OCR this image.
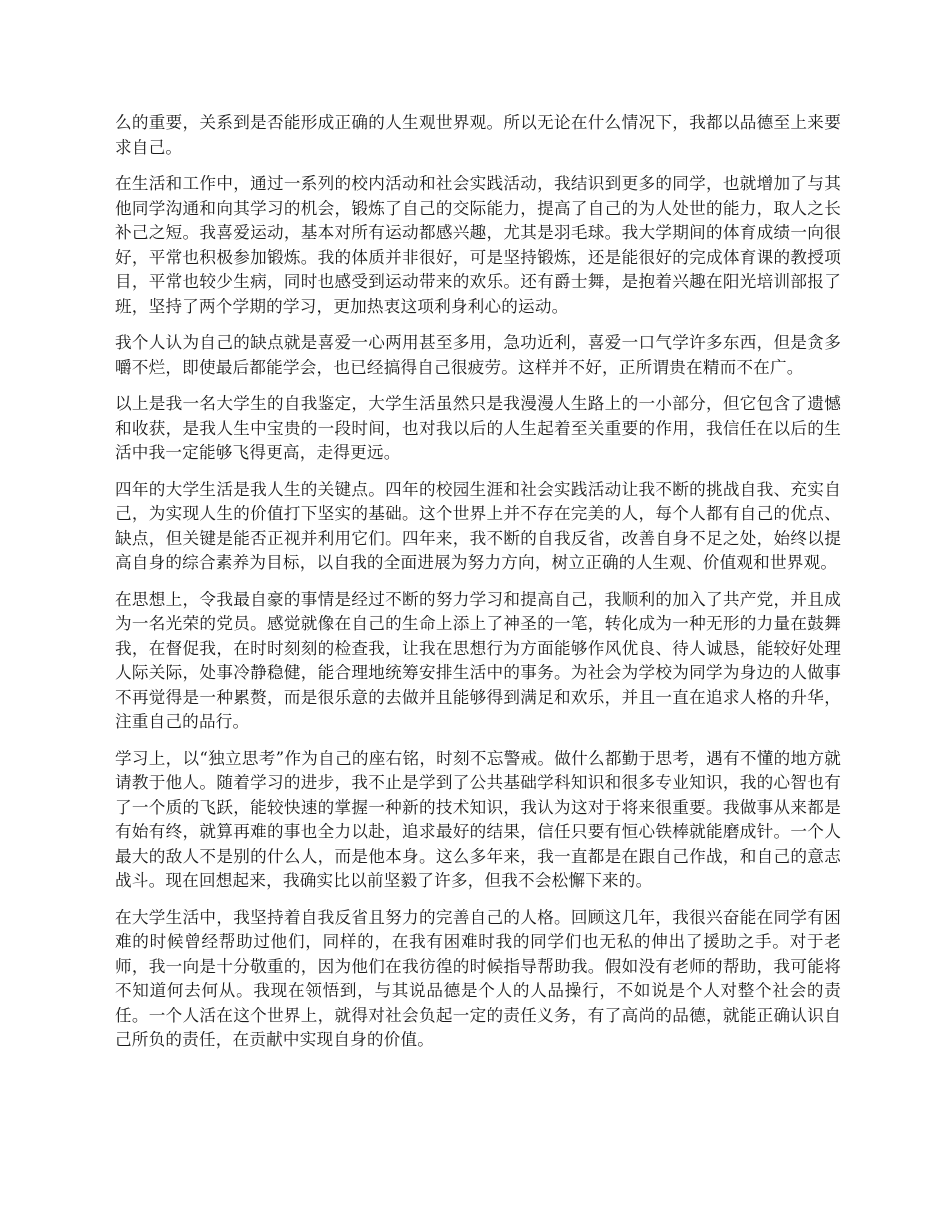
么的重要，关系到是否能形成正确的人生观世界观。所以无论在什么情况下，我都以品德至上来要求自己。

在生活和工作中，通过一系列的校内活动和社会实践活动，我结识到更多的同学，也就增加了与其他同学沟通和向其学习的机会，锻炼了自己的交际能力，提高了自己的为人处世的能力，取人之长补己之短。我喜爱运动，基本对所有运动都感兴趣，尤其是羽毛球。我大学期间的体育成绩一向很好，平常也积极参加锻炼。我的体质并非很好，可是坚持锻炼，还是能很好的完成体育课的教授项目，平常也较少生病，同时也感受到运动带来的欢乐。还有爵士舞，是抱着兴趣在阳光培训部报了班，坚持了两个学期的学习，更加热衷这项利身利心的运动。

我个人认为自己的缺点就是喜爱一心两用甚至多用，急功近利，喜爱一口气学许多东西，但是贪多嚼不烂，即使最后都能学会，也已经搞得自己很疲劳。这样并不好，正所谓贵在精而不在广。

以上是我一名大学生的自我鉴定，大学生活虽然只是我漫漫人生路上的一小部分，但它包含了遗憾和收获，是我人生中宝贵的一段时间，也对我以后的人生起着至关重要的作用，我信任在以后的生活中我一定能够飞得更高，走得更远。

四年的大学生活是我人生的关键点。四年的校园生涯和社会实践活动让我不断的挑战自我、充实自己，为实现人生的价值打下坚实的基础。这个世界上并不存在完美的人，每个人都有自己的优点、缺点，但关键是能否正视并利用它们。四年来，我不断的自我反省，改善自身不足之处，始终以提高自身的综合素养为目标，以自我的全面进展为努力方向，树立正确的人生观、价值观和世界观。

在思想上，令我最自豪的事情是经过不断的努力学习和提高自己，我顺利的加入了共产党，并且成为一名光荣的党员。感觉就像在自己的生命上添上了神圣的一笔，转化成为一种无形的力量在鼓舞我，在督促我，在时时刻刻的检查我，让我在思想行为方面能够作风优良、待人诚恳，能较好处理人际关际，处事冷静稳健，能合理地统筹安排生活中的事务。为社会为学校为同学为身边的人做事不再觉得是一种累赘，而是很乐意的去做并且能够得到满足和欢乐，并且一直在追求人格的升华，注重自己的品行。

学习上，以“独立思考”作为自己的座右铭，时刻不忘警戒。做什么都勤于思考，遇有不懂的地方就请教于他人。随着学习的进步，我不止是学到了公共基础学科知识和很多专业知识，我的心智也有了一个质的飞跃，能较快速的掌握一种新的技术知识，我认为这对于将来很重要。我做事从来都是有始有终，就算再难的事也全力以赴，追求最好的结果，信任只要有恒心铁棒就能磨成针。一个人最大的敌人不是别的什么人，而是他本身。这么多年来，我一直都是在跟自己作战，和自己的意志战斗。现在回想起来，我确实比以前坚毅了许多，但我不会松懈下来的。

在大学生活中，我坚持着自我反省且努力的完善自己的人格。回顾这几年，我很兴奋能在同学有困难的时候曾经帮助过他们，同样的，在我有困难时我的同学们也无私的伸出了援助之手。对于老师，我一向是十分敬重的，因为他们在我彷徨的时候指导帮助我。假如没有老师的帮助，我可能将不知道何去何从。我现在领悟到，与其说品德是个人的人品操行，不如说是个人对整个社会的责任。一个人活在这个世界上，就得对社会负起一定的责任义务，有了高尚的品德，就能正确认识自己所负的责任，在贡献中实现自身的价值。
